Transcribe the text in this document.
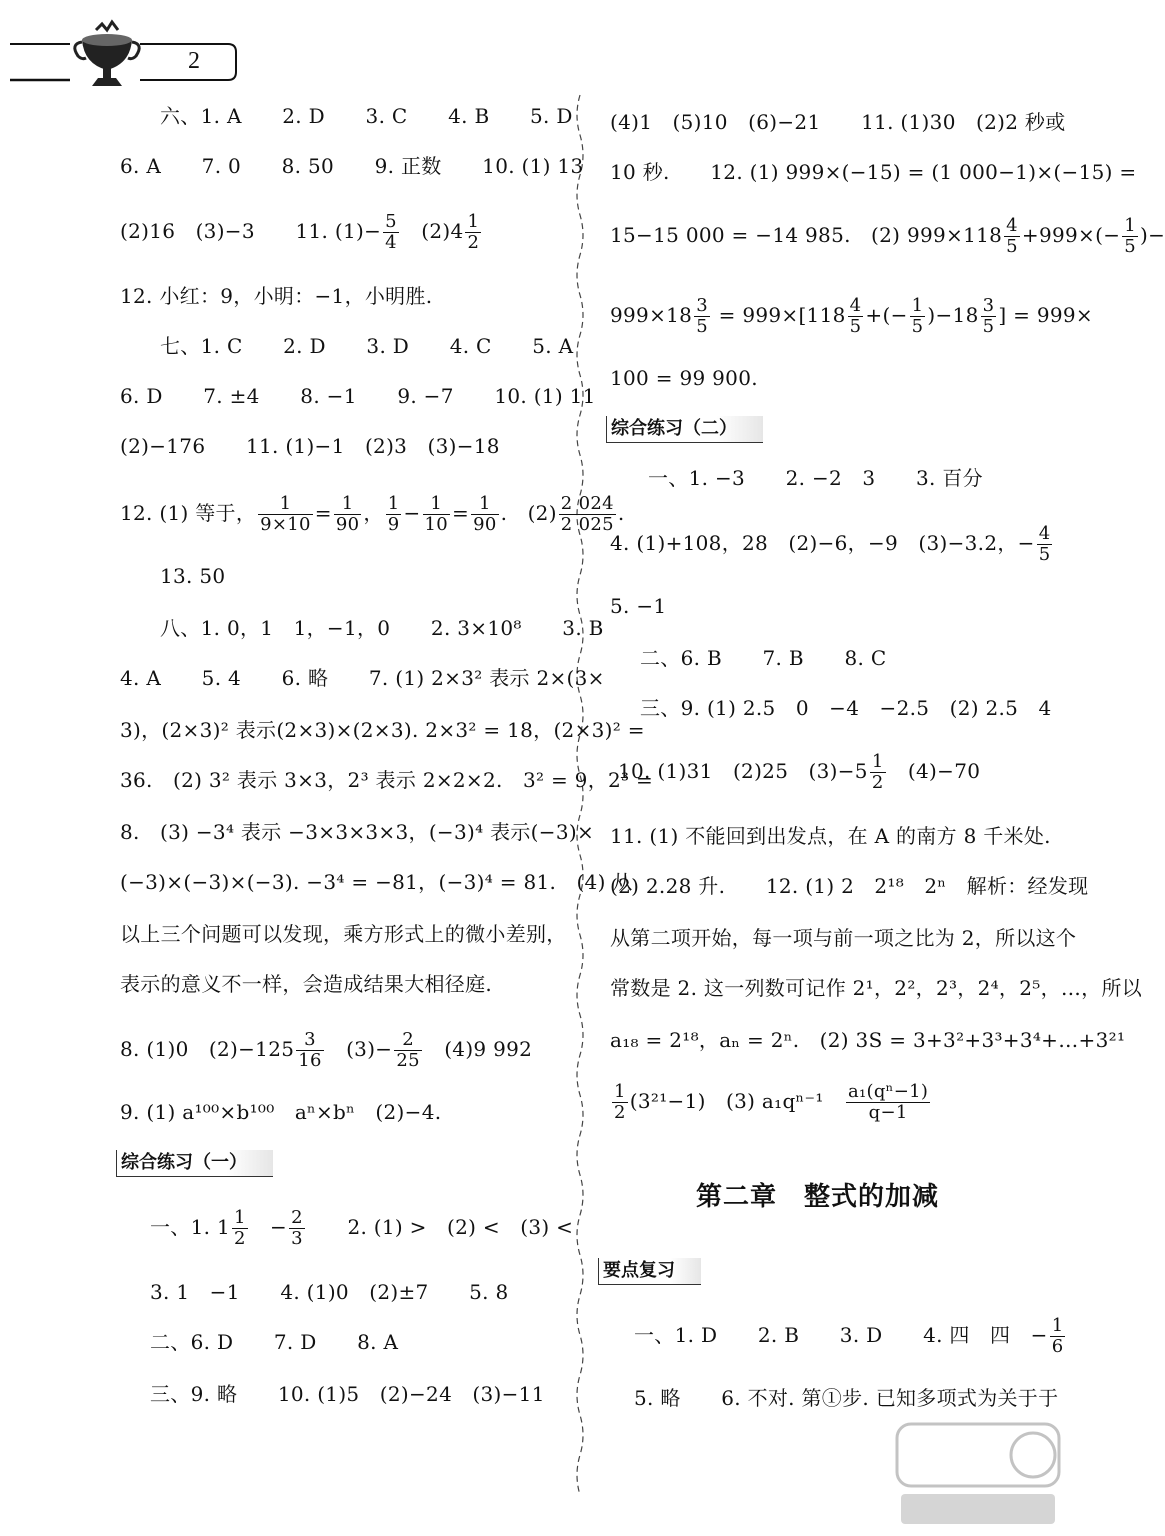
2
六、1. A　　2. D　　3. C　　4. B　　5. D
6. A　　7. 0　　8. 50　　9. 正数　　10. (1) 13
(2)16　(3)−3　　11. $(1)- \frac{5}{4}$ 　$(2)4 \frac{1}{2}$
12. 小红：9，小明：−1，小明胜.
七、1. C　　2. D　　3. D　　4. C　　5. A
6. D　　7. ±4　　8. −1　　9. −7　　10. (1) 11
(2)−176　　11. (1)−1　(2)3　(3)−18
12. (1) 等于， $\frac{1}{9\times 10} = \frac{1}{90}$ ， $\frac{1}{9} - \frac{1}{10} = \frac{1}{90}$ .　$(2) \frac{2 024}{2 025}$ .
13. 50
八、1. 0，1　1，−1，0　　2. 3×10⁸　　3. B
4. A　　5. 4　　6. 略　　7. (1) 2×3² 表示 2×(3×
3)，(2×3)² 表示(2×3)×(2×3). 2×3² = 18，(2×3)² =
36.　(2) 3² 表示 3×3，2³ 表示 2×2×2.　3² = 9，2³ =
8.　(3) −3⁴ 表示 −3×3×3×3，(−3)⁴ 表示(−3)×
(−3)×(−3)×(−3). −3⁴ = −81，(−3)⁴ = 81.　(4) 从
以上三个问题可以发现，乘方形式上的微小差别，
表示的意义不一样，会造成结果大相径庭.
8. (1)0　$(2)-125 \frac{3}{16}$ 　$(3)- \frac{2}{25}$ 　(4)9 992
9. (1) a¹⁰⁰×b¹⁰⁰　aⁿ×bⁿ　(2)−4.
综合练习（一）
一、1. $1 \frac{1}{2}$ 　− $\frac{2}{3}$ 　　2. (1) >　(2) <　(3) <
3. 1　−1　　4. (1)0　(2)±7　　5. 8
二、6. D　　7. D　　8. A
三、9. 略　　10. (1)5　(2)−24　(3)−11
(4)1　(5)10　(6)−21　　11. (1)30　(2)2 秒或
10 秒.　　12. (1) 999×(−15) = (1 000−1)×(−15) =
15−15 000 = −14 985.　(2) $999\times 118 \frac{4}{5} +999\times(- \frac{1}{5}$ )−
$999\times 18 \frac{3}{5} = 999\times[118 \frac{4}{5}$ +(− $\frac{1}{5} )-18 \frac{3}{5}$ ] = 999×
100 = 99 900.
综合练习（二）
一、1. −3　　2. −2　3　　3. 百分
4. (1)+108，28　(2)−6，−9　(3)−3.2，− $\frac{4}{5}$
5. −1
二、6. B　　7. B　　8. C
三、9. (1) 2.5　0　−4　−2.5　(2) 2.5　4
10. (1)31　(2)25　$(3)-5 \frac{1}{2}$ 　(4)−70
11. (1) 不能回到出发点，在 A 的南方 8 千米处.
(2) 2.28 升.　　12. (1) 2　2¹⁸　2ⁿ　解析：经发现
从第二项开始，每一项与前一项之比为 2，所以这个
常数是 2. 这一列数可记作 2¹，2²，2³，2⁴，2⁵，…，所以
a₁₈ = 2¹⁸，aₙ = 2ⁿ.　(2) 3S = 3+3²+3³+3⁴+…+3²¹
$\frac{1}{2} (3^{21}-1)$　(3) a₁qⁿ⁻¹　 $\frac{\text{a₁(qⁿ−1)}}{q-1}$
第二章　整式的加减
要点复习
一、1. D　　2. B　　3. D　　4. 四　四　− $\frac{1}{6}$
5. 略　　6. 不对. 第①步. 已知多项式为关于于
